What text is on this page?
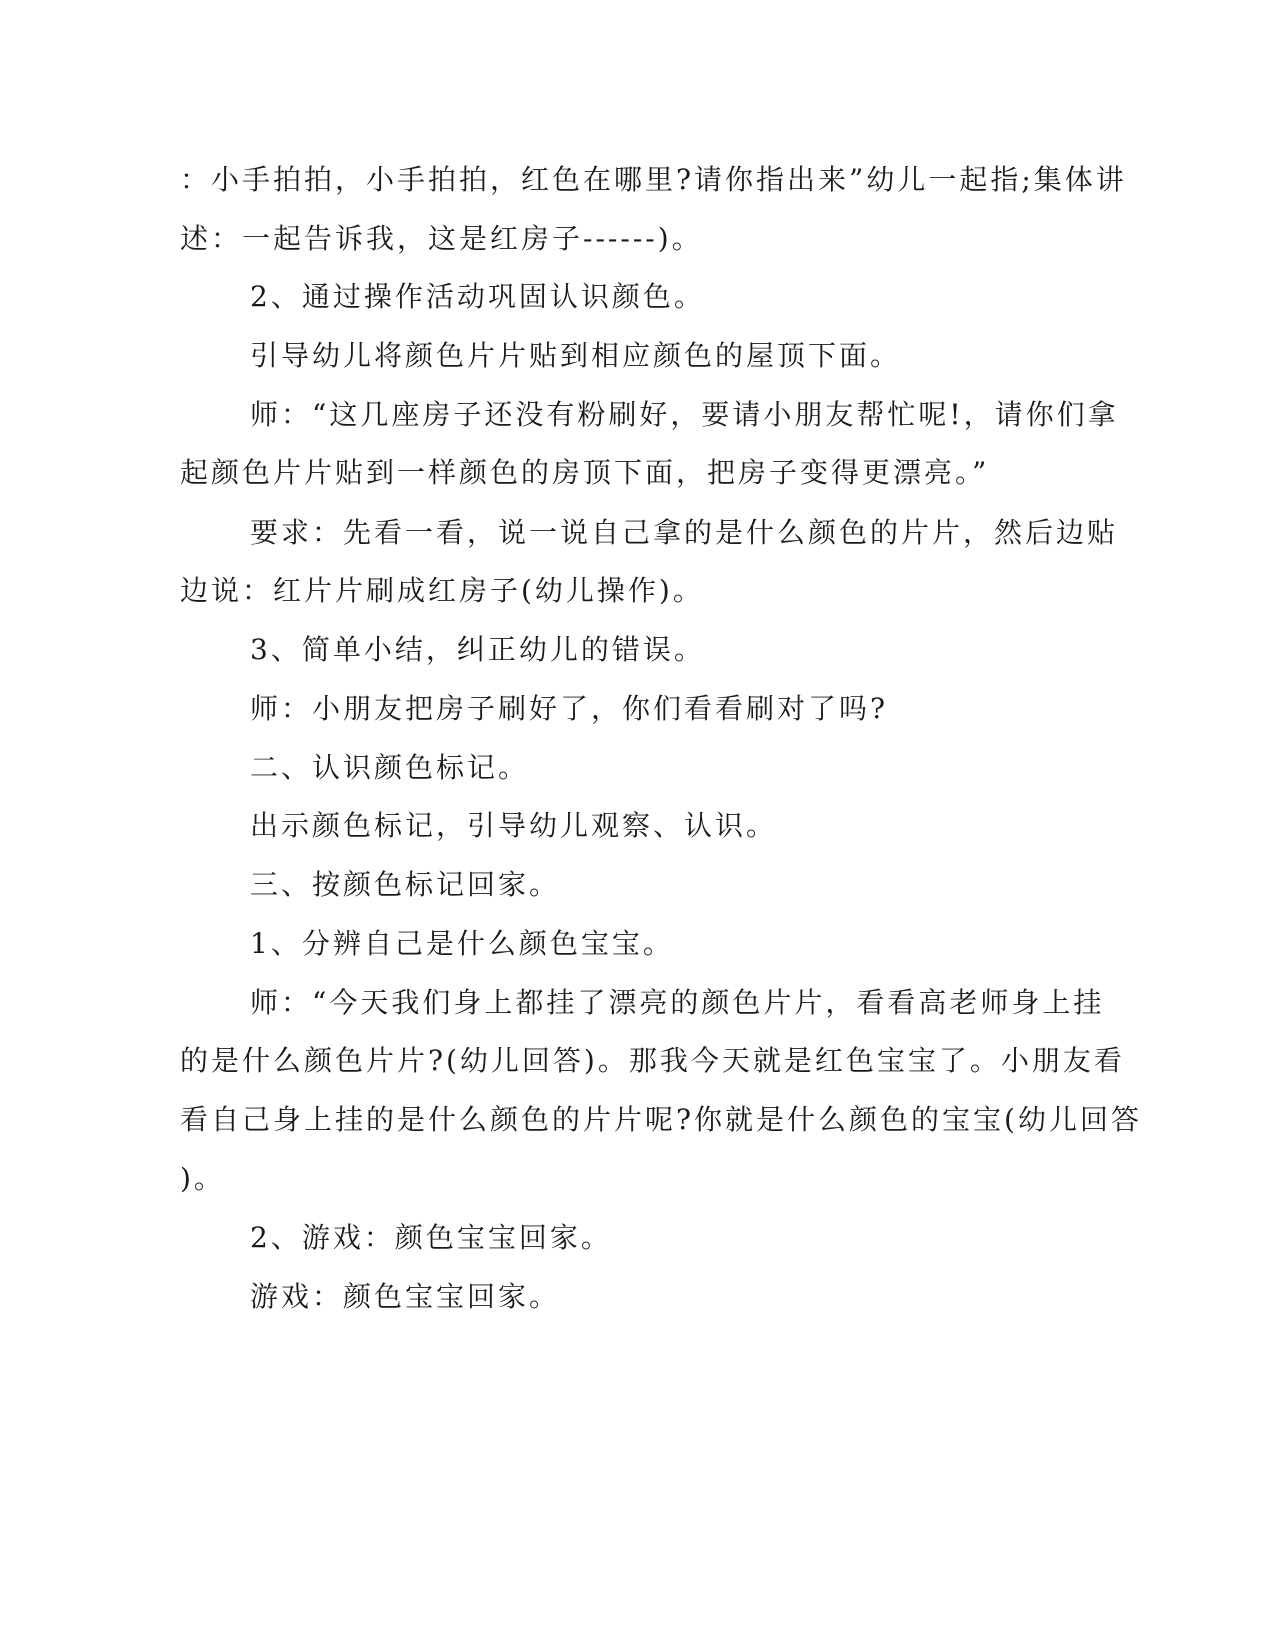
：小手拍拍，小手拍拍，红色在哪里?请你指出来”幼儿一起指;集体讲
述：一起告诉我，这是红房子------)。
2、通过操作活动巩固认识颜色。
引导幼儿将颜色片片贴到相应颜色的屋顶下面。
师：“这几座房子还没有粉刷好，要请小朋友帮忙呢!，请你们拿
起颜色片片贴到一样颜色的房顶下面，把房子变得更漂亮。”
要求：先看一看，说一说自己拿的是什么颜色的片片，然后边贴
边说：红片片刷成红房子(幼儿操作)。
3、简单小结，纠正幼儿的错误。
师：小朋友把房子刷好了，你们看看刷对了吗?
二、认识颜色标记。
出示颜色标记，引导幼儿观察、认识。
三、按颜色标记回家。
1、分辨自己是什么颜色宝宝。
师：“今天我们身上都挂了漂亮的颜色片片，看看高老师身上挂
的是什么颜色片片?(幼儿回答)。那我今天就是红色宝宝了。小朋友看
看自己身上挂的是什么颜色的片片呢?你就是什么颜色的宝宝(幼儿回答
)。
2、游戏：颜色宝宝回家。
游戏：颜色宝宝回家。
